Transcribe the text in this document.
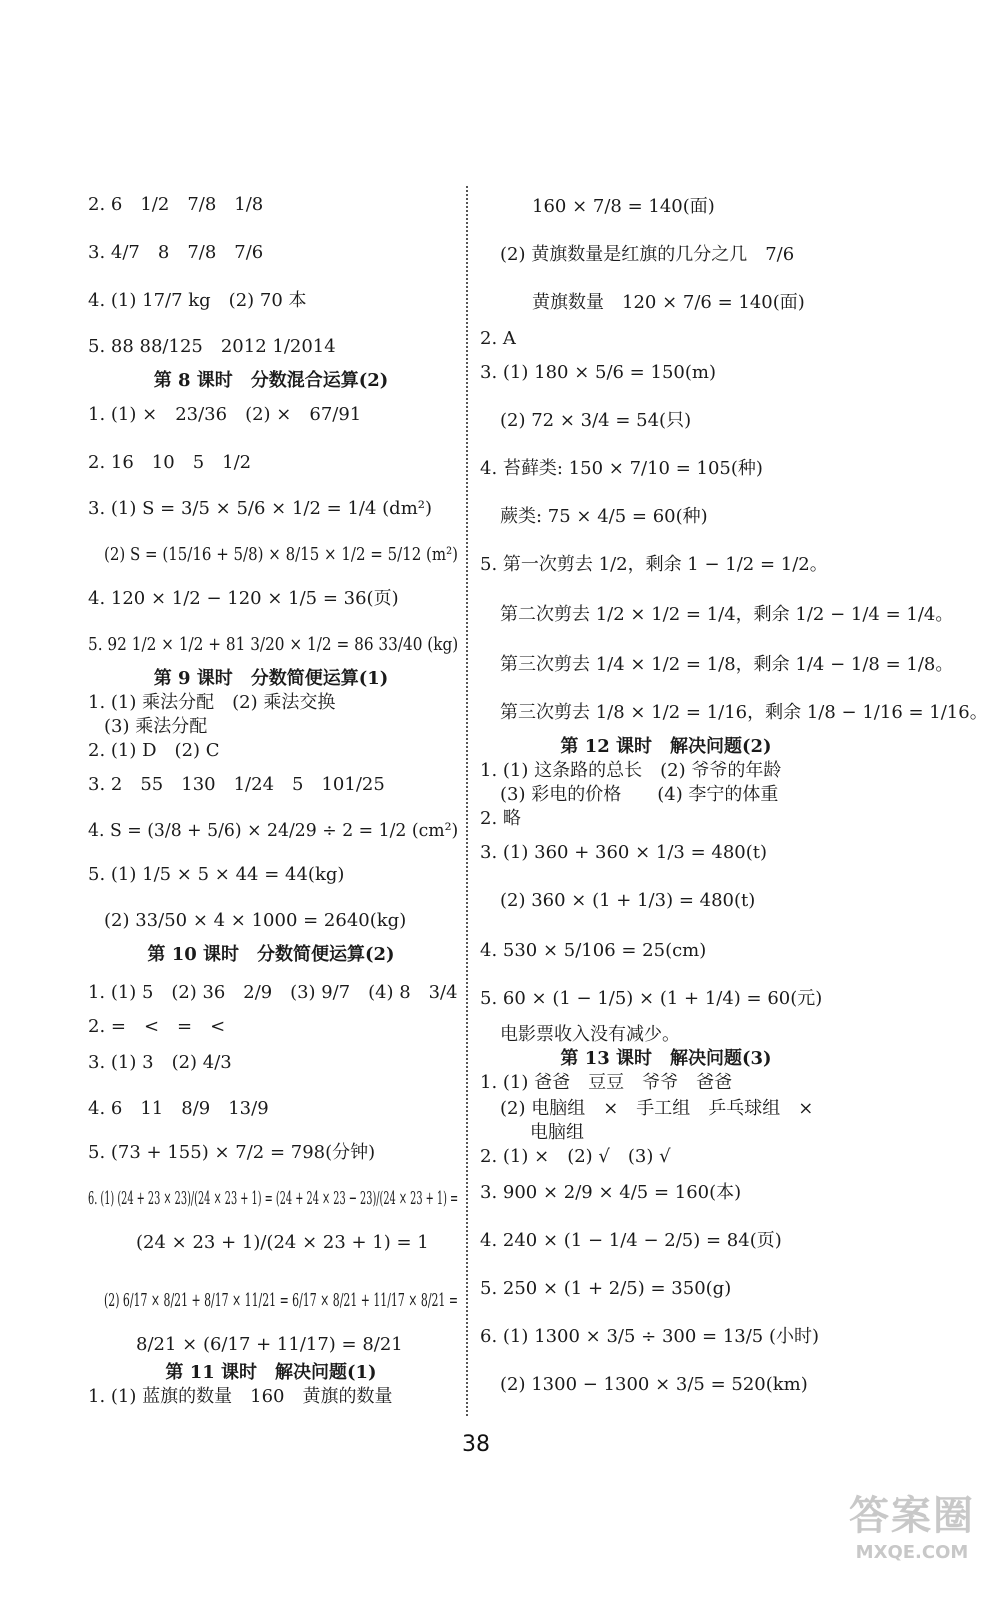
2. 6　1/2　7/8　1/8
3. 4/7　8　7/8　7/6
4. (1) 17/7 kg　(2) 70 本
5. 88 88/125　2012 1/2014
第 8 课时　分数混合运算(2)
1. (1) ×　23/36　(2) ×　67/91
2. 16　10　5　1/2
3. (1) S = 3/5 × 5/6 × 1/2 = 1/4 (dm²)
(2) S = (15/16 + 5/8) × 8/15 × 1/2 = 5/12 (m²)
4. 120 × 1/2 − 120 × 1/5 = 36(页)
5. 92 1/2 × 1/2 + 81 3/20 × 1/2 = 86 33/40 (kg)
第 9 课时　分数简便运算(1)
1. (1) 乘法分配　(2) 乘法交换
(3) 乘法分配
2. (1) D　(2) C
3. 2　55　130　1/24　5　101/25
4. S = (3/8 + 5/6) × 24/29 ÷ 2 = 1/2 (cm²)
5. (1) 1/5 × 5 × 44 = 44(kg)
(2) 33/50 × 4 × 1000 = 2640(kg)
第 10 课时　分数简便运算(2)
1. (1) 5　(2) 36　2/9　(3) 9/7　(4) 8　3/4
2. =　<　=　<
3. (1) 3　(2) 4/3
4. 6　11　8/9　13/9
5. (73 + 155) × 7/2 = 798(分钟)
6. (1) (24 + 23 × 23)/(24 × 23 + 1) = (24 + 24 × 23 − 23)/(24 × 23 + 1) =
(24 × 23 + 1)/(24 × 23 + 1) = 1
(2) 6/17 × 8/21 + 8/17 × 11/21 = 6/17 × 8/21 + 11/17 × 8/21 =
8/21 × (6/17 + 11/17) = 8/21
第 11 课时　解决问题(1)
1. (1) 蓝旗的数量　160　黄旗的数量
160 × 7/8 = 140(面)
(2) 黄旗数量是红旗的几分之几　7/6
黄旗数量　120 × 7/6 = 140(面)
2. A
3. (1) 180 × 5/6 = 150(m)
(2) 72 × 3/4 = 54(只)
4. 苔藓类: 150 × 7/10 = 105(种)
蕨类: 75 × 4/5 = 60(种)
5. 第一次剪去 1/2，剩余 1 − 1/2 = 1/2。
第二次剪去 1/2 × 1/2 = 1/4，剩余 1/2 − 1/4 = 1/4。
第三次剪去 1/4 × 1/2 = 1/8，剩余 1/4 − 1/8 = 1/8。
第三次剪去 1/8 × 1/2 = 1/16，剩余 1/8 − 1/16 = 1/16。
第 12 课时　解决问题(2)
1. (1) 这条路的总长　(2) 爷爷的年龄
(3) 彩电的价格　　(4) 李宁的体重
2. 略
3. (1) 360 + 360 × 1/3 = 480(t)
(2) 360 × (1 + 1/3) = 480(t)
4. 530 × 5/106 = 25(cm)
5. 60 × (1 − 1/5) × (1 + 1/4) = 60(元)
电影票收入没有减少。
第 13 课时　解决问题(3)
1. (1) 爸爸　豆豆　爷爷　爸爸
(2) 电脑组　×　手工组　乒乓球组　×
电脑组
2. (1) ×　(2) √　(3) √
3. 900 × 2/9 × 4/5 = 160(本)
4. 240 × (1 − 1/4 − 2/5) = 84(页)
5. 250 × (1 + 2/5) = 350(g)
6. (1) 1300 × 3/5 ÷ 300 = 13/5 (小时)
(2) 1300 − 1300 × 3/5 = 520(km)
38
答案圈
MXQE.COM
